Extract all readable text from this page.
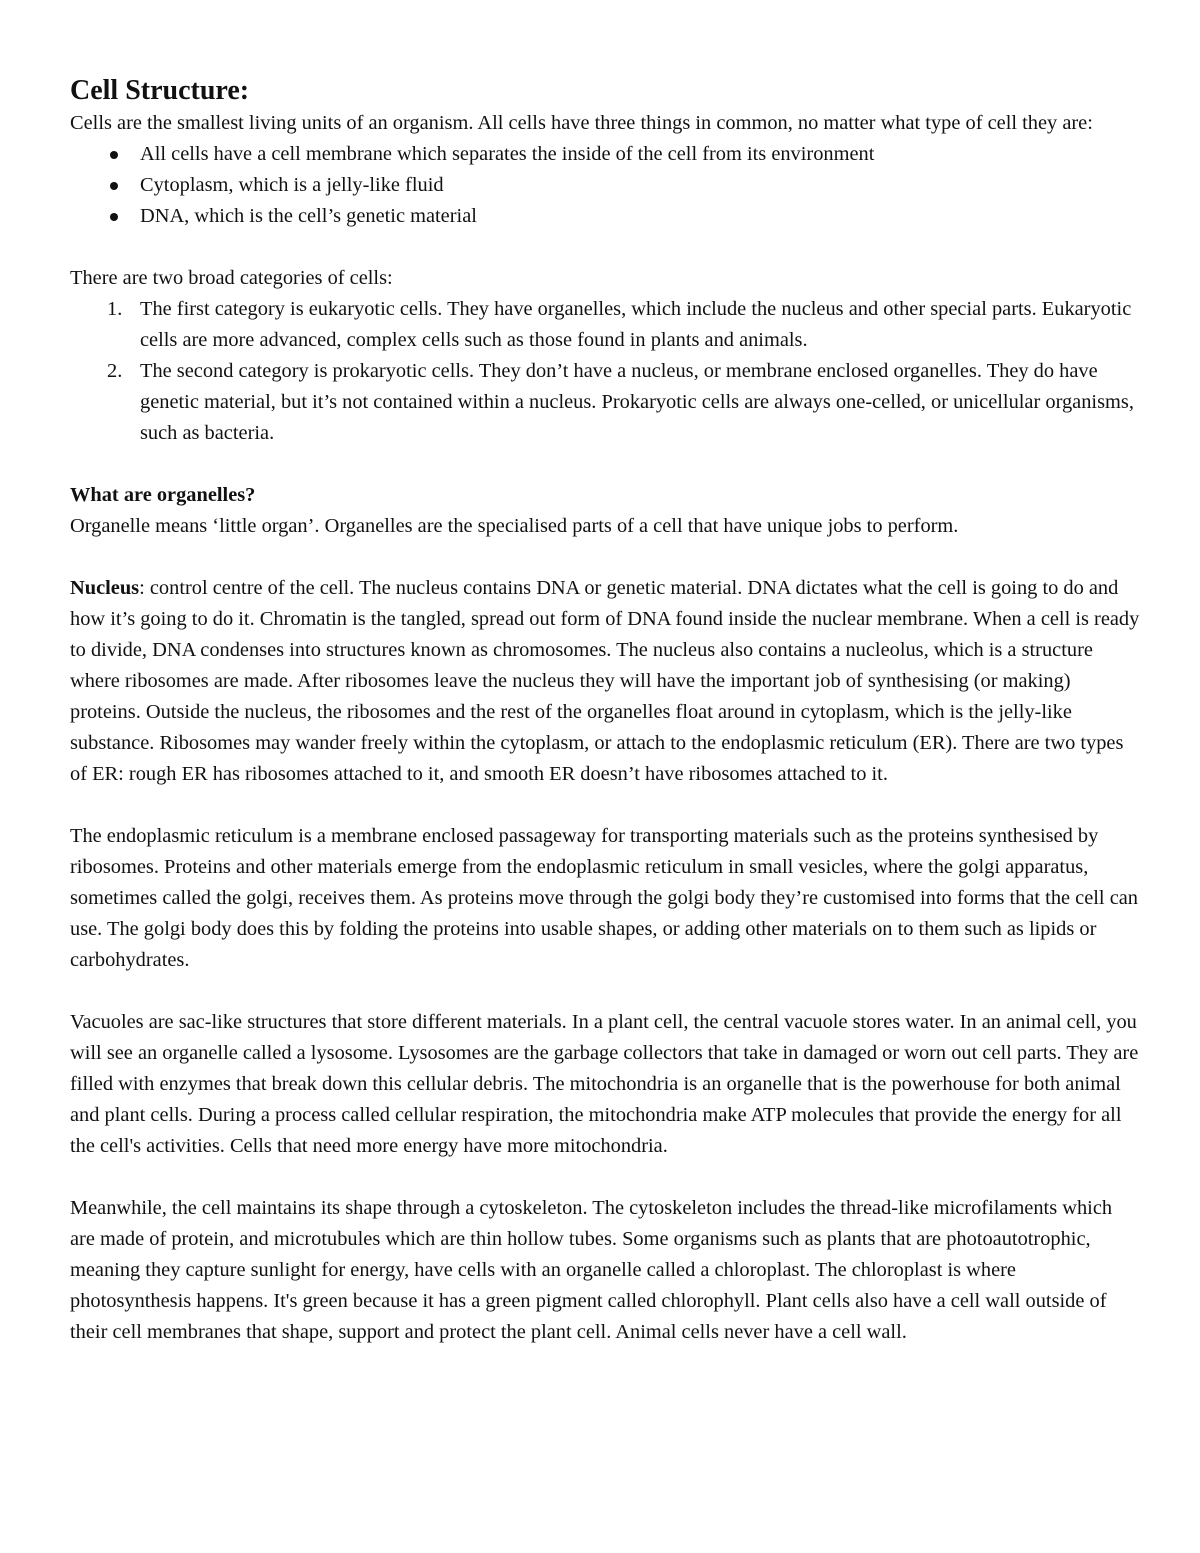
Cell Structure:

Cells are the smallest living units of an organism. All cells have three things in common, no matter what type of cell they are:

All cells have a cell membrane which separates the inside of the cell from its environment
Cytoplasm, which is a jelly-like fluid
DNA, which is the cell’s genetic material

There are two broad categories of cells:

1. The first category is eukaryotic cells. They have organelles, which include the nucleus and other special parts. Eukaryotic cells are more advanced, complex cells such as those found in plants and animals.
2. The second category is prokaryotic cells. They don’t have a nucleus, or membrane enclosed organelles. They do have genetic material, but it’s not contained within a nucleus. Prokaryotic cells are always one-celled, or unicellular organisms, such as bacteria.

What are organelles?

Organelle means ‘little organ’. Organelles are the specialised parts of a cell that have unique jobs to perform.

Nucleus: control centre of the cell. The nucleus contains DNA or genetic material. DNA dictates what the cell is going to do and how it’s going to do it. Chromatin is the tangled, spread out form of DNA found inside the nuclear membrane. When a cell is ready to divide, DNA condenses into structures known as chromosomes. The nucleus also contains a nucleolus, which is a structure where ribosomes are made. After ribosomes leave the nucleus they will have the important job of synthesising (or making) proteins. Outside the nucleus, the ribosomes and the rest of the organelles float around in cytoplasm, which is the jelly-like substance. Ribosomes may wander freely within the cytoplasm, or attach to the endoplasmic reticulum (ER). There are two types of ER: rough ER has ribosomes attached to it, and smooth ER doesn’t have ribosomes attached to it.

The endoplasmic reticulum is a membrane enclosed passageway for transporting materials such as the proteins synthesised by ribosomes. Proteins and other materials emerge from the endoplasmic reticulum in small vesicles, where the golgi apparatus, sometimes called the golgi, receives them. As proteins move through the golgi body they’re customised into forms that the cell can use. The golgi body does this by folding the proteins into usable shapes, or adding other materials on to them such as lipids or carbohydrates.

Vacuoles are sac-like structures that store different materials. In a plant cell, the central vacuole stores water. In an animal cell, you will see an organelle called a lysosome. Lysosomes are the garbage collectors that take in damaged or worn out cell parts. They are filled with enzymes that break down this cellular debris. The mitochondria is an organelle that is the powerhouse for both animal and plant cells. During a process called cellular respiration, the mitochondria make ATP molecules that provide the energy for all the cell's activities. Cells that need more energy have more mitochondria.

Meanwhile, the cell maintains its shape through a cytoskeleton. The cytoskeleton includes the thread-like microfilaments which are made of protein, and microtubules which are thin hollow tubes. Some organisms such as plants that are photoautotrophic, meaning they capture sunlight for energy, have cells with an organelle called a chloroplast. The chloroplast is where photosynthesis happens. It's green because it has a green pigment called chlorophyll. Plant cells also have a cell wall outside of their cell membranes that shape, support and protect the plant cell. Animal cells never have a cell wall.
